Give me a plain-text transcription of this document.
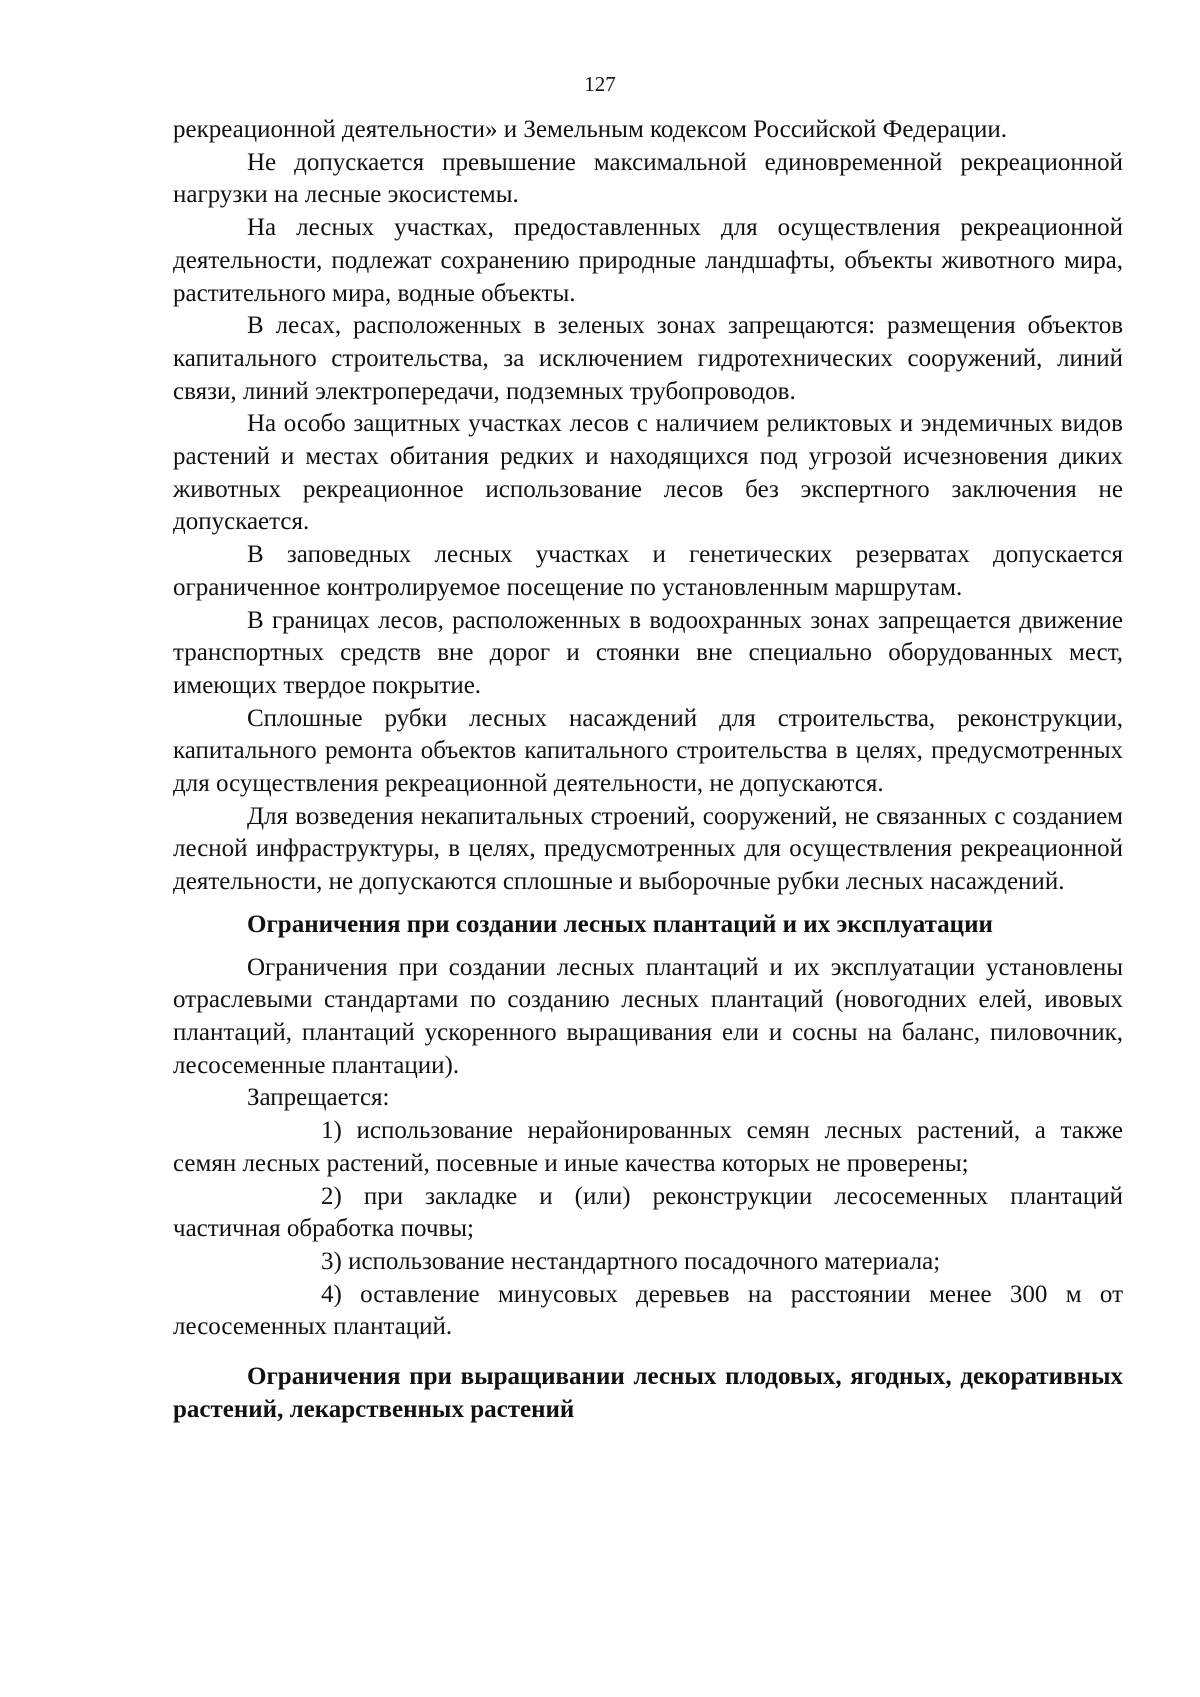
127

рекреационной деятельности» и Земельным кодексом Российской Федерации.

Не допускается превышение максимальной единовременной рекреационной нагрузки на лесные экосистемы.

На лесных участках, предоставленных для осуществления рекреационной деятельности, подлежат сохранению природные ландшафты, объекты животного мира, растительного мира, водные объекты.

В лесах, расположенных в зеленых зонах запрещаются: размещения объектов капитального строительства, за исключением гидротехнических сооружений, линий связи, линий электропередачи, подземных трубопроводов.

На особо защитных участках лесов с наличием реликтовых и эндемичных видов растений и местах обитания редких и находящихся под угрозой исчезновения диких животных рекреационное использование лесов без экспертного заключения не допускается.

В заповедных лесных участках и генетических резерватах допускается ограниченное контролируемое посещение по установленным маршрутам.

В границах лесов, расположенных в водоохранных зонах запрещается движение транспортных средств вне дорог и стоянки вне специально оборудованных мест, имеющих твердое покрытие.

Сплошные рубки лесных насаждений для строительства, реконструкции, капитального ремонта объектов капитального строительства в целях, предусмотренных для осуществления рекреационной деятельности, не допускаются.

Для возведения некапитальных строений, сооружений, не связанных с созданием лесной инфраструктуры, в целях, предусмотренных для осуществления рекреационной деятельности, не допускаются сплошные и выборочные рубки лесных насаждений.

Ограничения при создании лесных плантаций и их эксплуатации

Ограничения при создании лесных плантаций и их эксплуатации установлены отраслевыми стандартами по созданию лесных плантаций (новогодних елей, ивовых плантаций, плантаций ускоренного выращивания ели и сосны на баланс, пиловочник, лесосеменные плантации).

Запрещается:

1) использование нерайонированных семян лесных растений, а также семян лесных растений, посевные и иные качества которых не проверены;

2) при закладке и (или) реконструкции лесосеменных плантаций частичная обработка почвы;

3) использование нестандартного посадочного материала;

4) оставление минусовых деревьев на расстоянии менее 300 м от лесосеменных плантаций.

Ограничения при выращивании лесных плодовых, ягодных, декоративных растений, лекарственных растений
